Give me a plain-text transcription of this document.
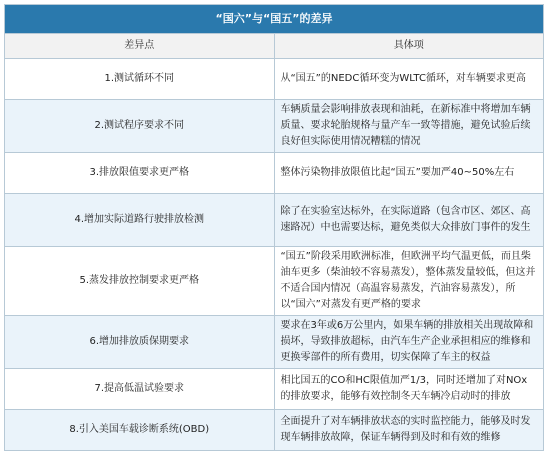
“国六”与“国五”的差异	
差异点	具体项
1.测试循环不同	从“国五”的NEDC循环变为WLTC循环，对车辆要求更高
2.测试程序要求不同	车辆质量会影响排放表现和油耗，在新标准中将增加车辆质量、要求轮胎规格与量产车一致等措施，避免试验后续良好但实际使用情况糟糕的情况
3.排放限值要求更严格	整体污染物排放限值比起“国五”要加严40~50%左右
4.增加实际道路行驶排放检测	除了在实验室达标外，在实际道路（包含市区、郊区、高速路况）中也需要达标，避免类似大众排放门事件的发生
5.蒸发排放控制要求更严格	“国五”阶段采用欧洲标准，但欧洲平均气温更低，而且柴油车更多（柴油较不容易蒸发），整体蒸发量较低，但这并不适合国内情况（高温容易蒸发，汽油容易蒸发），所以“国六”对蒸发有更严格的要求
6.增加排放质保期要求	要求在3年或6万公里内，如果车辆的排放相关出现故障和损坏，导致排放超标，由汽车生产企业承担相应的维修和更换零部件的所有费用，切实保障了车主的权益
7.提高低温试验要求	相比国五的CO和HC限值加严1/3，同时还增加了对NOx的排放要求，能够有效控制冬天车辆冷启动时的排放
8.引入美国车载诊断系统(OBD)	全面提升了对车辆排放状态的实时监控能力，能够及时发现车辆排放故障，保证车辆得到及时和有效的维修
